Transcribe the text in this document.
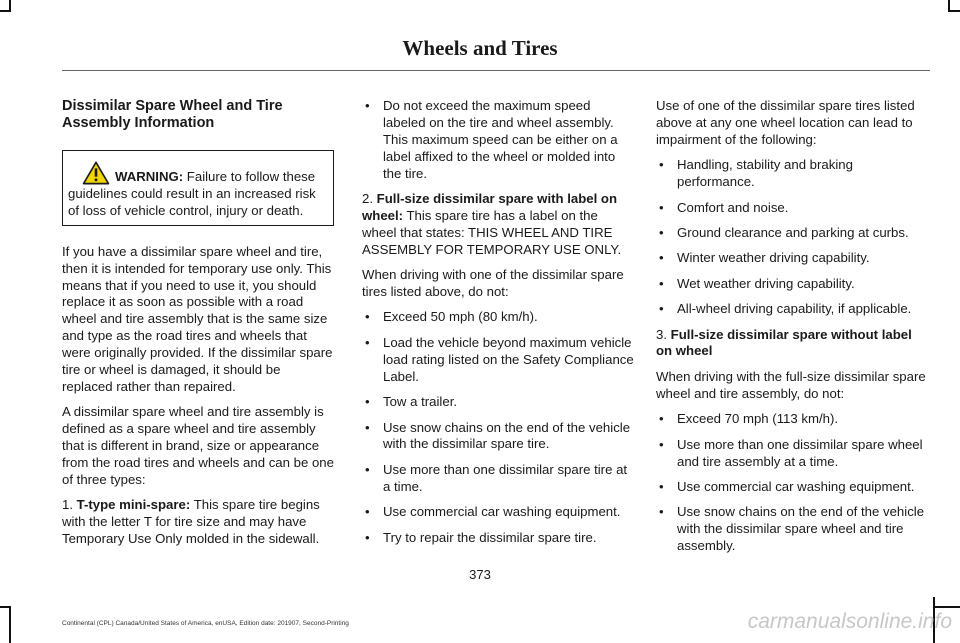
Wheels and Tires
Dissimilar Spare Wheel and Tire Assembly Information
WARNING: Failure to follow these guidelines could result in an increased risk of loss of vehicle control, injury or death.

If you have a dissimilar spare wheel and tire, then it is intended for temporary use only. This means that if you need to use it, you should replace it as soon as possible with a road wheel and tire assembly that is the same size and type as the road tires and wheels that were originally provided. If the dissimilar spare tire or wheel is damaged, it should be replaced rather than repaired.

A dissimilar spare wheel and tire assembly is defined as a spare wheel and tire assembly that is different in brand, size or appearance from the road tires and wheels and can be one of three types:

1. T-type mini-spare: This spare tire begins with the letter T for tire size and may have Temporary Use Only molded in the sidewall.

• Do not exceed the maximum speed labeled on the tire and wheel assembly. This maximum speed can be either on a label affixed to the wheel or molded into the tire.

2. Full-size dissimilar spare with label on wheel: This spare tire has a label on the wheel that states: THIS WHEEL AND TIRE ASSEMBLY FOR TEMPORARY USE ONLY.

When driving with one of the dissimilar spare tires listed above, do not:

• Exceed 50 mph (80 km/h).
• Load the vehicle beyond maximum vehicle load rating listed on the Safety Compliance Label.
• Tow a trailer.
• Use snow chains on the end of the vehicle with the dissimilar spare tire.
• Use more than one dissimilar spare tire at a time.
• Use commercial car washing equipment.
• Try to repair the dissimilar spare tire.

Use of one of the dissimilar spare tires listed above at any one wheel location can lead to impairment of the following:

• Handling, stability and braking performance.
• Comfort and noise.
• Ground clearance and parking at curbs.
• Winter weather driving capability.
• Wet weather driving capability.
• All-wheel driving capability, if applicable.

3. Full-size dissimilar spare without label on wheel

When driving with the full-size dissimilar spare wheel and tire assembly, do not:

• Exceed 70 mph (113 km/h).
• Use more than one dissimilar spare wheel and tire assembly at a time.
• Use commercial car washing equipment.
• Use snow chains on the end of the vehicle with the dissimilar spare wheel and tire assembly.
373
Continental (CPL) Canada/United States of America, enUSA, Edition date: 201907, Second-Printing	carmanualsonline.info
